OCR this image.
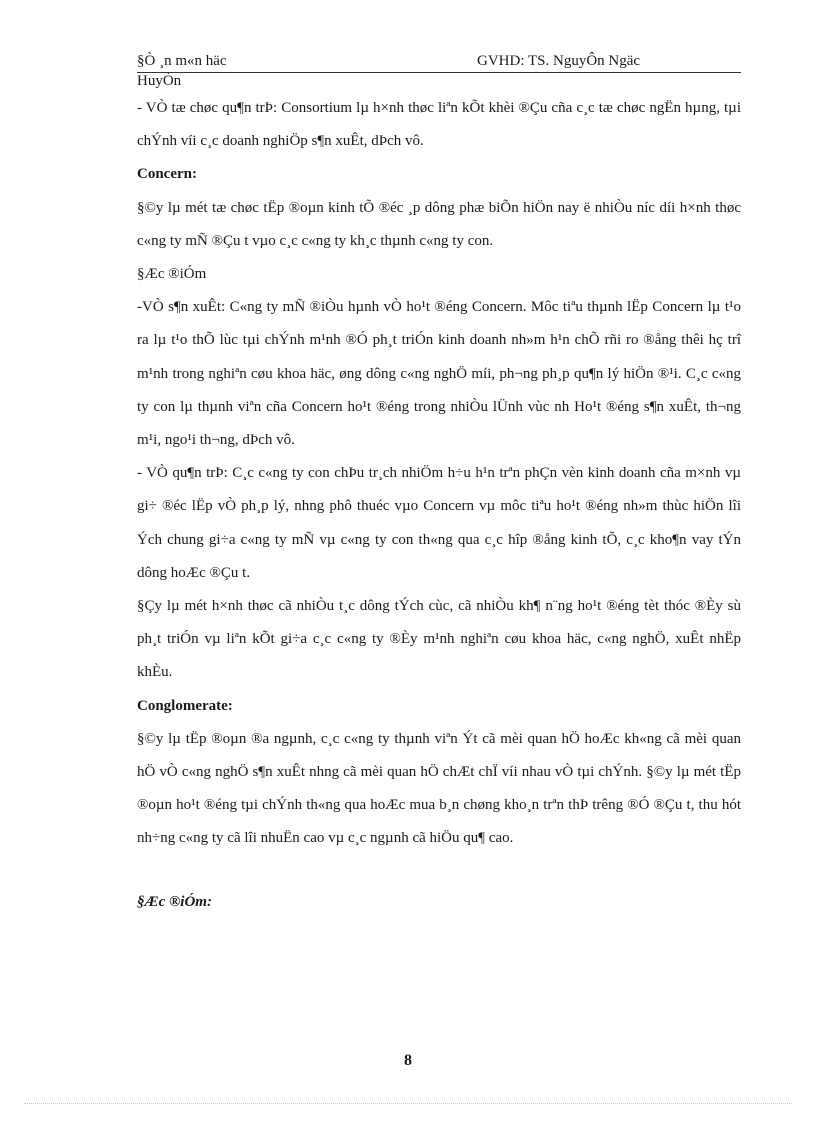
§Ò ¸n m«n häc	GVHD: TS. NguyÔn Ngäc
HuyÒn

- VÒ tæ chøc qu¶n trÞ: Consortium lµ h×nh thøc liªn kÕt khèi ®Çu cña c¸c tæ chøc ngËn hµng, tµi chÝnh víi c¸c doanh nghiÖp s¶n xuÊt, dÞch vô.

Concern:

§©y lµ mét tæ chøc tËp ®oµn kinh tÕ ®éc ¸p dông phæ biÕn hiÖn nay ë nhiÒu níc díi h×nh thøc c«ng ty mÑ ®Çu t vµo c¸c c«ng ty kh¸c thµnh c«ng ty con.

§Æc ®iÓm

-VÒ s¶n xuÊt: C«ng ty mÑ ®iÒu hµnh vÒ ho¹t ®éng Concern. Môc tiªu thµnh lËp Concern lµ t¹o ra lµ t¹o thÕ lùc tµi chÝnh m¹nh ®Ó ph¸t triÓn kinh doanh nh»m h¹n chÕ rñi ro ®ång thêi hç trî m¹nh trong nghiªn cøu khoa häc, øng dông c«ng nghÖ míi, ph¬ng ph¸p qu¶n lý hiÖn ®¹i. C¸c c«ng ty con lµ thµnh viªn cña Concern ho¹t ®éng trong nhiÒu lÜnh vùc nh Ho¹t ®éng s¶n xuÊt, th¬ng m¹i, ngo¹i th¬ng, dÞch vô.

- VÒ qu¶n trÞ: C¸c c«ng ty con chÞu tr¸ch nhiÖm h÷u h¹n trªn phÇn vèn kinh doanh cña m×nh vµ gi÷ ®éc lËp vÒ ph¸p lý, nhng phô thuéc vµo Concern vµ môc tiªu ho¹t ®éng nh»m thùc hiÖn lîi Ých chung gi÷a c«ng ty mÑ vµ c«ng ty con th«ng qua c¸c hîp ®ång kinh tÕ, c¸c kho¶n vay tÝn dông hoÆc ®Çu t.

§Çy lµ mét h×nh thøc cã nhiÒu t¸c dông tÝch cùc, cã nhiÒu kh¶ n¨ng ho¹t ®éng tèt thóc ®Èy sù ph¸t triÓn vµ liªn kÕt gi÷a c¸c c«ng ty ®Èy m¹nh nghiªn cøu khoa häc, c«ng nghÖ, xuÊt nhËp khÈu.

Conglomerate:

§©y lµ tËp ®oµn ®a ngµnh, c¸c c«ng ty thµnh viªn Ýt cã mèi quan hÖ hoÆc kh«ng cã mèi quan hÖ vÒ c«ng nghÖ s¶n xuÊt nhng cã mèi quan hÖ chÆt chÏ víi nhau vÒ tµi chÝnh. §©y lµ mét tËp ®oµn ho¹t ®éng tµi chÝnh th«ng qua hoÆc mua b¸n chøng kho¸n trªn thÞ trêng ®Ó ®Çu t, thu hót nh÷ng c«ng ty cã lîi nhuËn cao vµ c¸c ngµnh cã hiÖu qu¶ cao.

§Æc ®iÓm:

8
